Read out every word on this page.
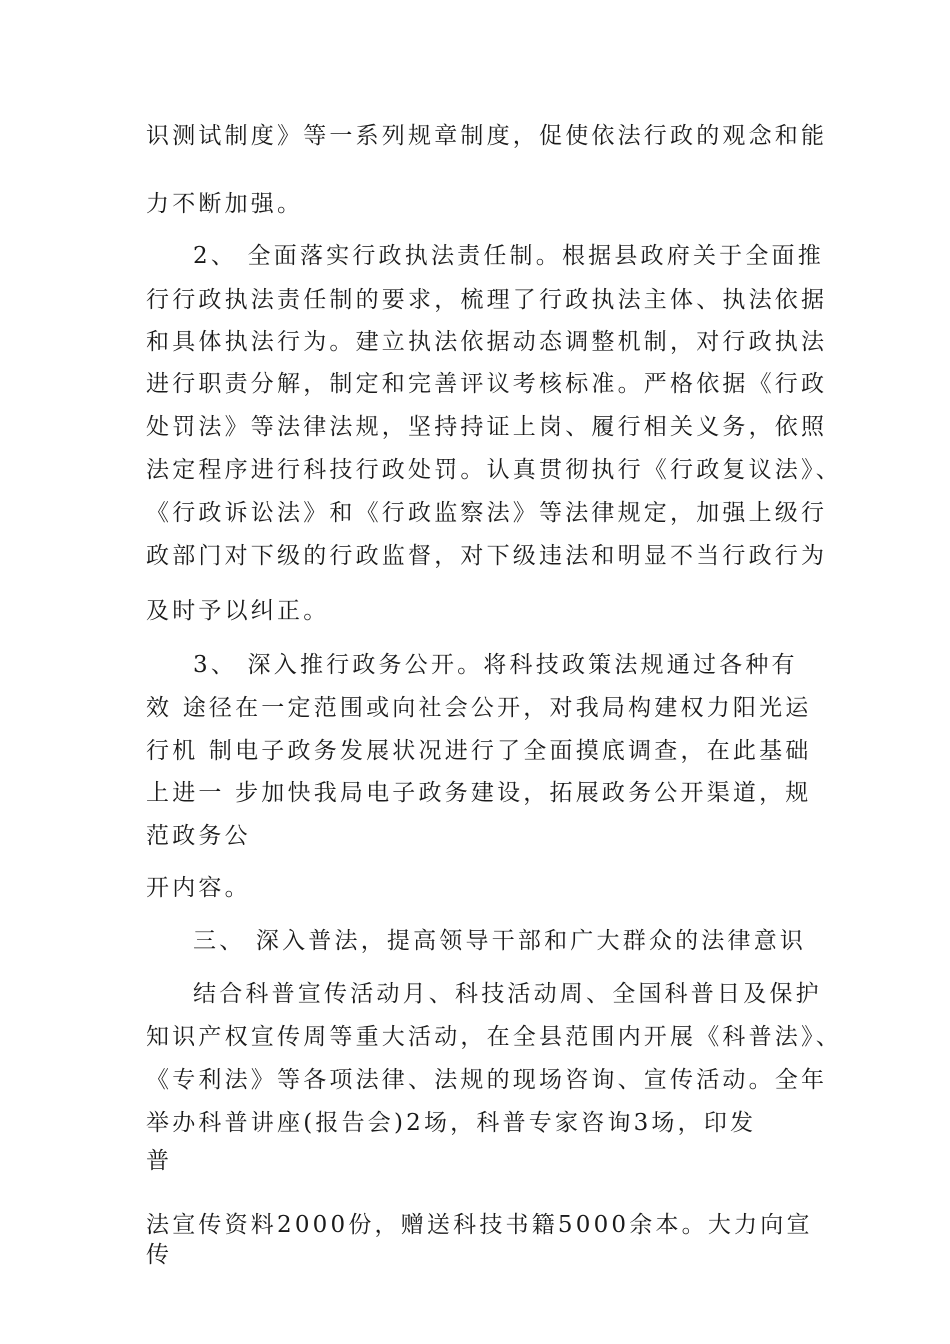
识测试制度》等一系列规章制度，促使依法行政的观念和能

力不断加强。

2、 全面落实行政执法责任制。根据县政府关于全面推

行行政执法责任制的要求，梳理了行政执法主体、执法依据

和具体执法行为。建立执法依据动态调整机制，对行政执法

进行职责分解，制定和完善评议考核标准。严格依据《行政

处罚法》等法律法规，坚持持证上岗、履行相关义务，依照

法定程序进行科技行政处罚。认真贯彻执行《行政复议法》、

《行政诉讼法》和《行政监察法》等法律规定，加强上级行

政部门对下级的行政监督，对下级违法和明显不当行政行为

及时予以纠正。

3、 深入推行政务公开。将科技政策法规通过各种有

效 途径在一定范围或向社会公开，对我局构建权力阳光运

行机 制电子政务发展状况进行了全面摸底调查，在此基础

上进一 步加快我局电子政务建设，拓展政务公开渠道，规

范政务公

开内容。

三、 深入普法，提高领导干部和广大群众的法律意识

结合科普宣传活动月、科技活动周、全国科普日及保护

知识产权宣传周等重大活动，在全县范围内开展《科普法》、

《专利法》等各项法律、法规的现场咨询、宣传活动。全年

举办科普讲座(报告会)2场，科普专家咨询3场，印发

普

法宣传资料2000份，赠送科技书籍5000余本。大力向宣

传
